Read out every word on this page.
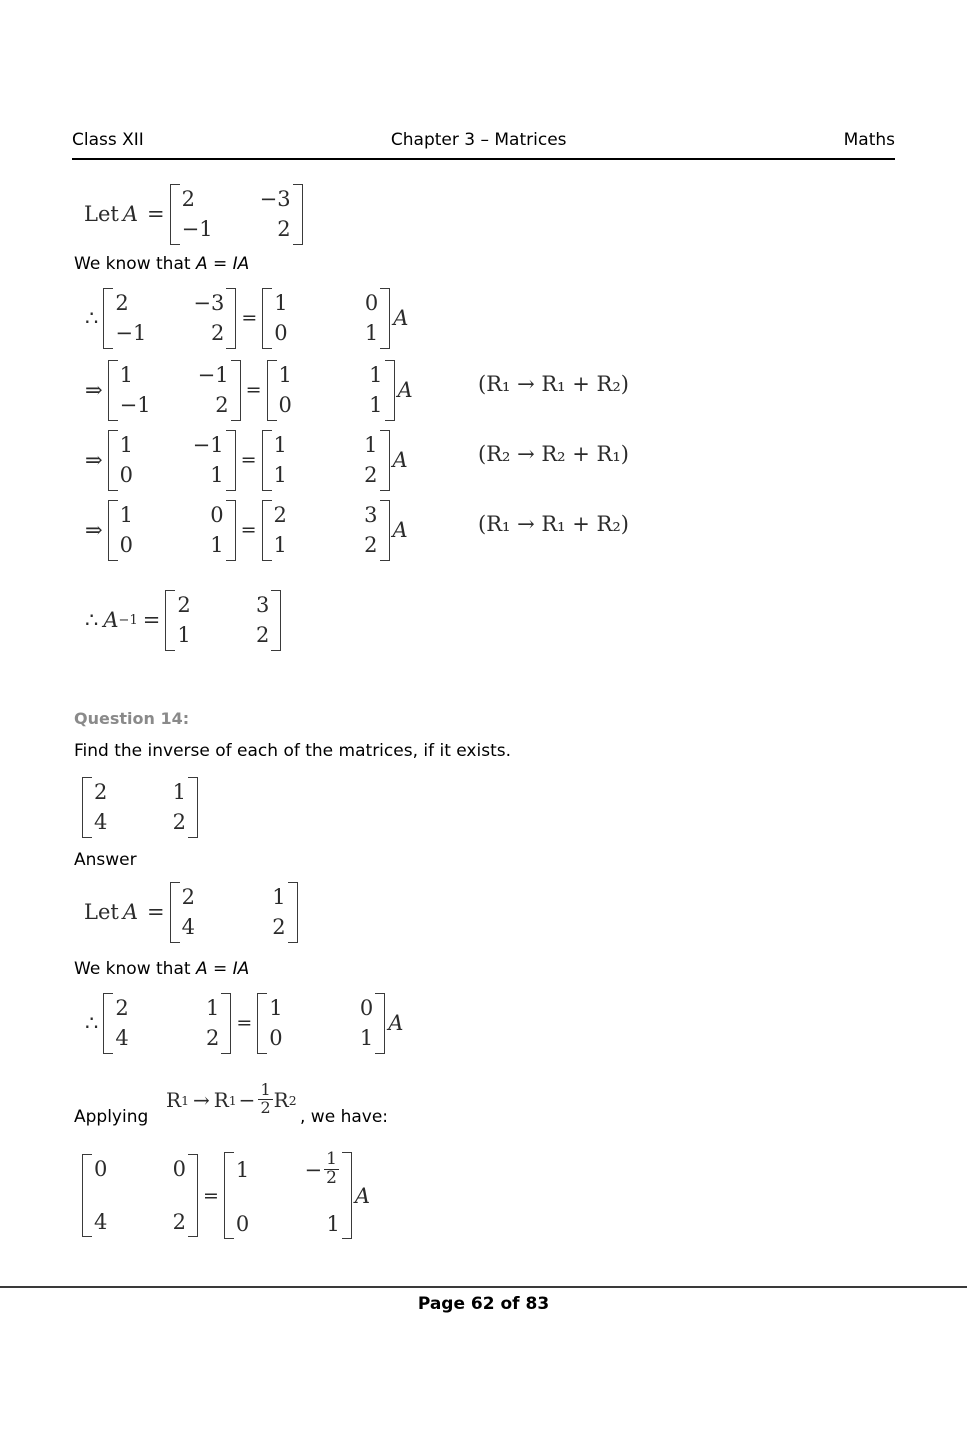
Class XII	Chapter 3 – Matrices	Maths
Let A =
2	−3
−1	2
We know that A = IA
∴
2	−3
−1	2
=
1	0
0	1
A
⇒
1	−1
−1	2
=
1	1
0	1
A	(R₁ → R₁ + R₂)
⇒
1	−1
0	1
=
1	1
1	2
A	(R₂ → R₂ + R₁)
⇒
1	0
0	1
=
2	3
1	2
A	(R₁ → R₁ + R₂)
∴ A −1 =
2	3
1	2
Question 14:
Find the inverse of each of the matrices, if it exists.
2	1
4	2
Answer
Let A =
2	1
4	2
We know that A = IA
∴
2	1
4	2
=
1	0
0	1
A
Applying
R 1 → R $1 - \frac{1}{2}$ R 2
, we have:
0	0
4	2
=
1	− $\frac{1}{2}$
0	1
A
Page 62 of 83
